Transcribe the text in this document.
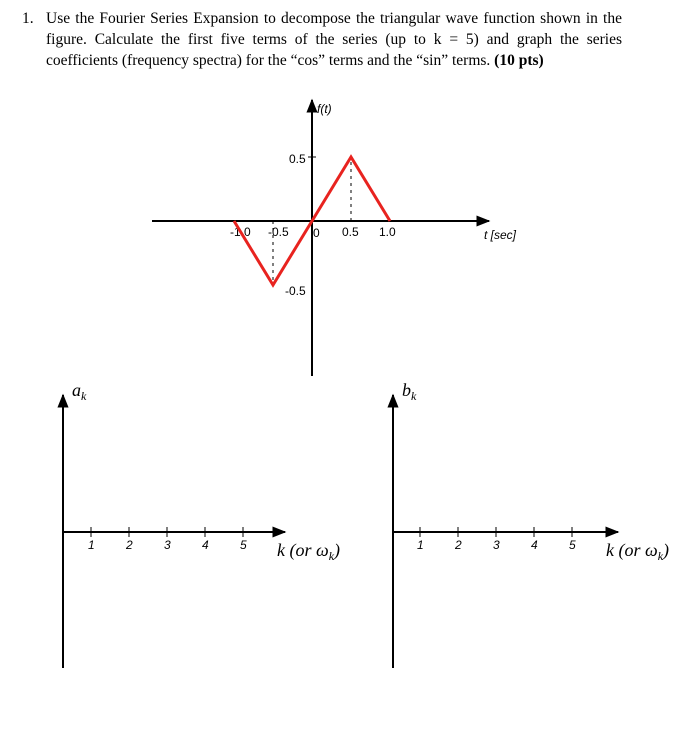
1. Use the Fourier Series Expansion to decompose the triangular wave function shown in the figure. Calculate the first five terms of the series (up to k = 5) and graph the series coefficients (frequency spectra) for the “cos” terms and the “sin” terms. (10 pts)
f(t)
t [sec]
-1.0 -0.5 0 0.5 1.0
0.5
-0.5
$a_k$
k (or $\omega_k$)
1	2	3	4	5
$b_k$
k (or $\omega_k$)
1	2	3	4	5
